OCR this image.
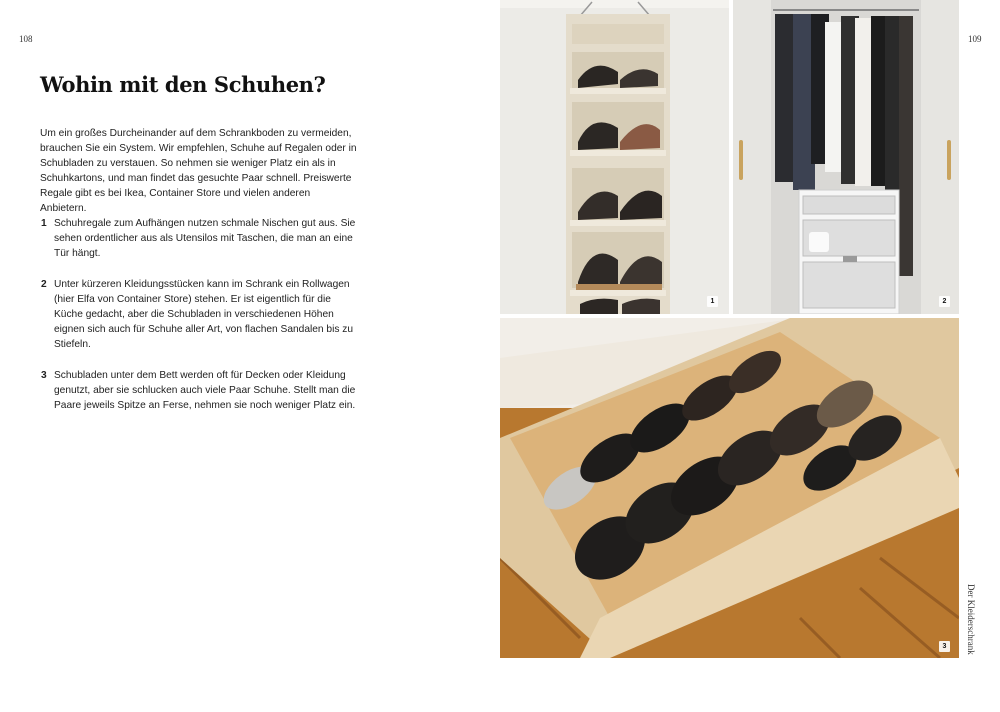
108	109
Wohin mit den Schuhen?

Um ein großes Durcheinander auf dem Schrankboden zu vermeiden, brauchen Sie ein System. Wir empfehlen, Schuhe auf Regalen oder in Schubladen zu verstauen. So nehmen sie weniger Platz ein als in Schuhkartons, und man findet das gesuchte Paar schnell. Preiswerte Regale gibt es bei Ikea, Container Store und vielen anderen Anbietern.

1 Schuhregale zum Aufhängen nutzen schmale Nischen gut aus. Sie sehen ordentlicher aus als Utensilos mit Taschen, die man an eine Tür hängt.
2 Unter kürzeren Kleidungsstücken kann im Schrank ein Rollwagen (hier Elfa von Container Store) stehen. Er ist eigentlich für die Küche gedacht, aber die Schubladen in verschiedenen Höhen eignen sich auch für Schuhe aller Art, von flachen Sandalen bis zu Stiefeln.
3 Schubladen unter dem Bett werden oft für Decken oder Kleidung genutzt, aber sie schlucken auch viele Paar Schuhe. Stellt man die Paare jeweils Spitze an Ferse, nehmen sie noch weniger Platz ein.
1	2
3	Der Kleiderschrank
